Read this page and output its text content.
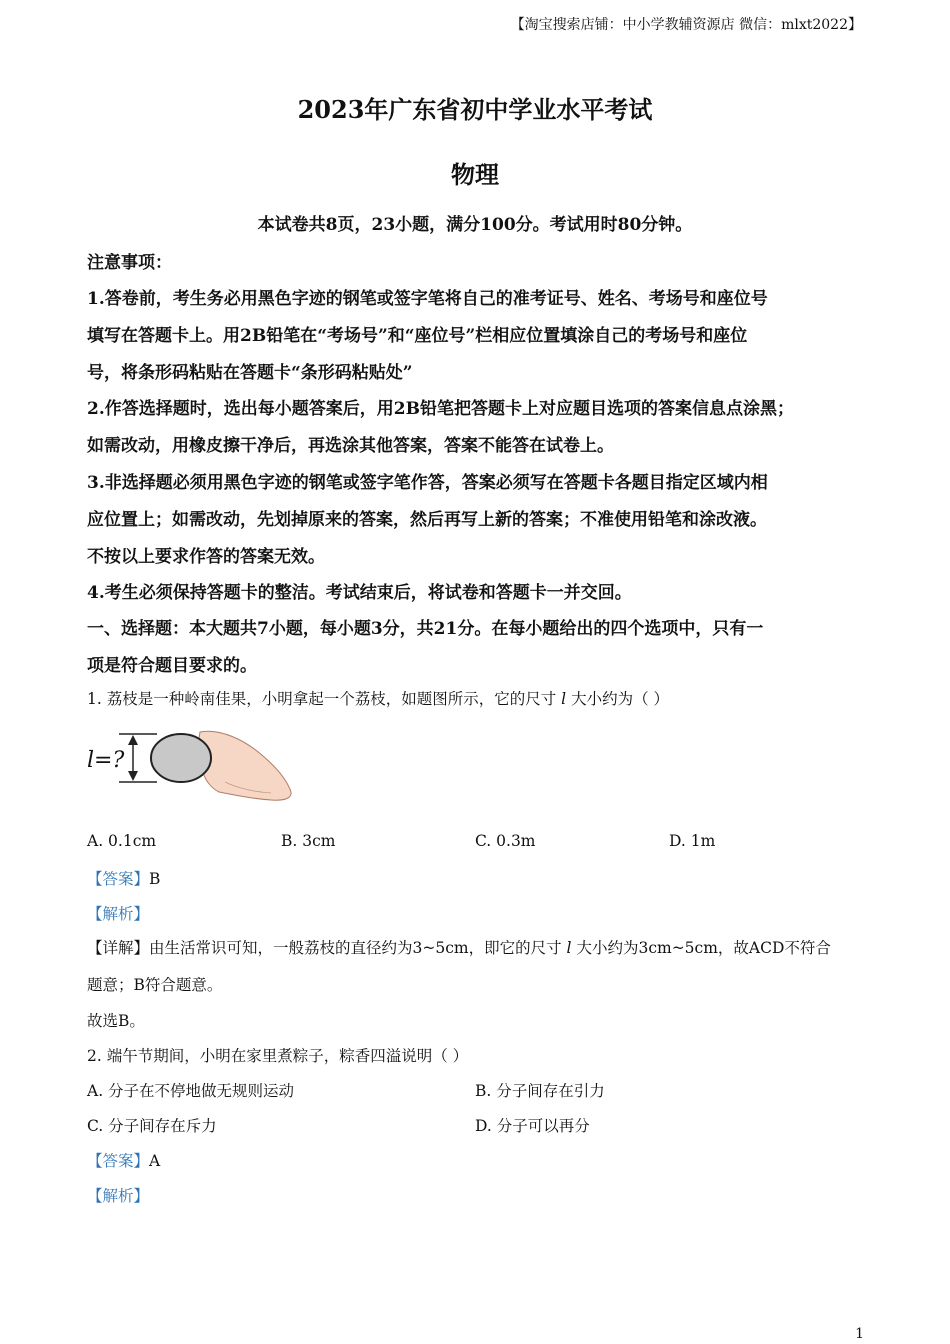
【淘宝搜索店铺：中小学教辅资源店 微信：mlxt2022】
2023年广东省初中学业水平考试
物理
本试卷共8页，23小题，满分100分。考试用时80分钟。
注意事项：
1.答卷前，考生务必用黑色字迹的钢笔或签字笔将自己的准考证号、姓名、考场号和座位号
填写在答题卡上。用2B铅笔在“考场号”和“座位号”栏相应位置填涂自己的考场号和座位
号，将条形码粘贴在答题卡“条形码粘贴处”
2.作答选择题时，选出每小题答案后，用2B铅笔把答题卡上对应题目选项的答案信息点涂黑；
如需改动，用橡皮擦干净后，再选涂其他答案，答案不能答在试卷上。
3.非选择题必须用黑色字迹的钢笔或签字笔作答，答案必须写在答题卡各题目指定区域内相
应位置上；如需改动，先划掉原来的答案，然后再写上新的答案；不准使用铅笔和涂改液。
不按以上要求作答的答案无效。
4.考生必须保持答题卡的整洁。考试结束后，将试卷和答题卡一并交回。
一、选择题：本大题共7小题，每小题3分，共21分。在每小题给出的四个选项中，只有一
项是符合题目要求的。
1. 荔枝是一种岭南佳果，小明拿起一个荔枝，如题图所示，它的尺寸 l 大小约为（ ）
l=?
A. 0.1cm	B. 3cm	C. 0.3m	D. 1m
【答案】B
【解析】
【详解】由生活常识可知，一般荔枝的直径约为3~5cm，即它的尺寸 l 大小约为3cm~5cm，故ACD不符合
题意；B符合题意。
故选B。
2. 端午节期间，小明在家里煮粽子，粽香四溢说明（ ）
A. 分子在不停地做无规则运动	B. 分子间存在引力
C. 分子间存在斥力	D. 分子可以再分
【答案】A
【解析】
1
